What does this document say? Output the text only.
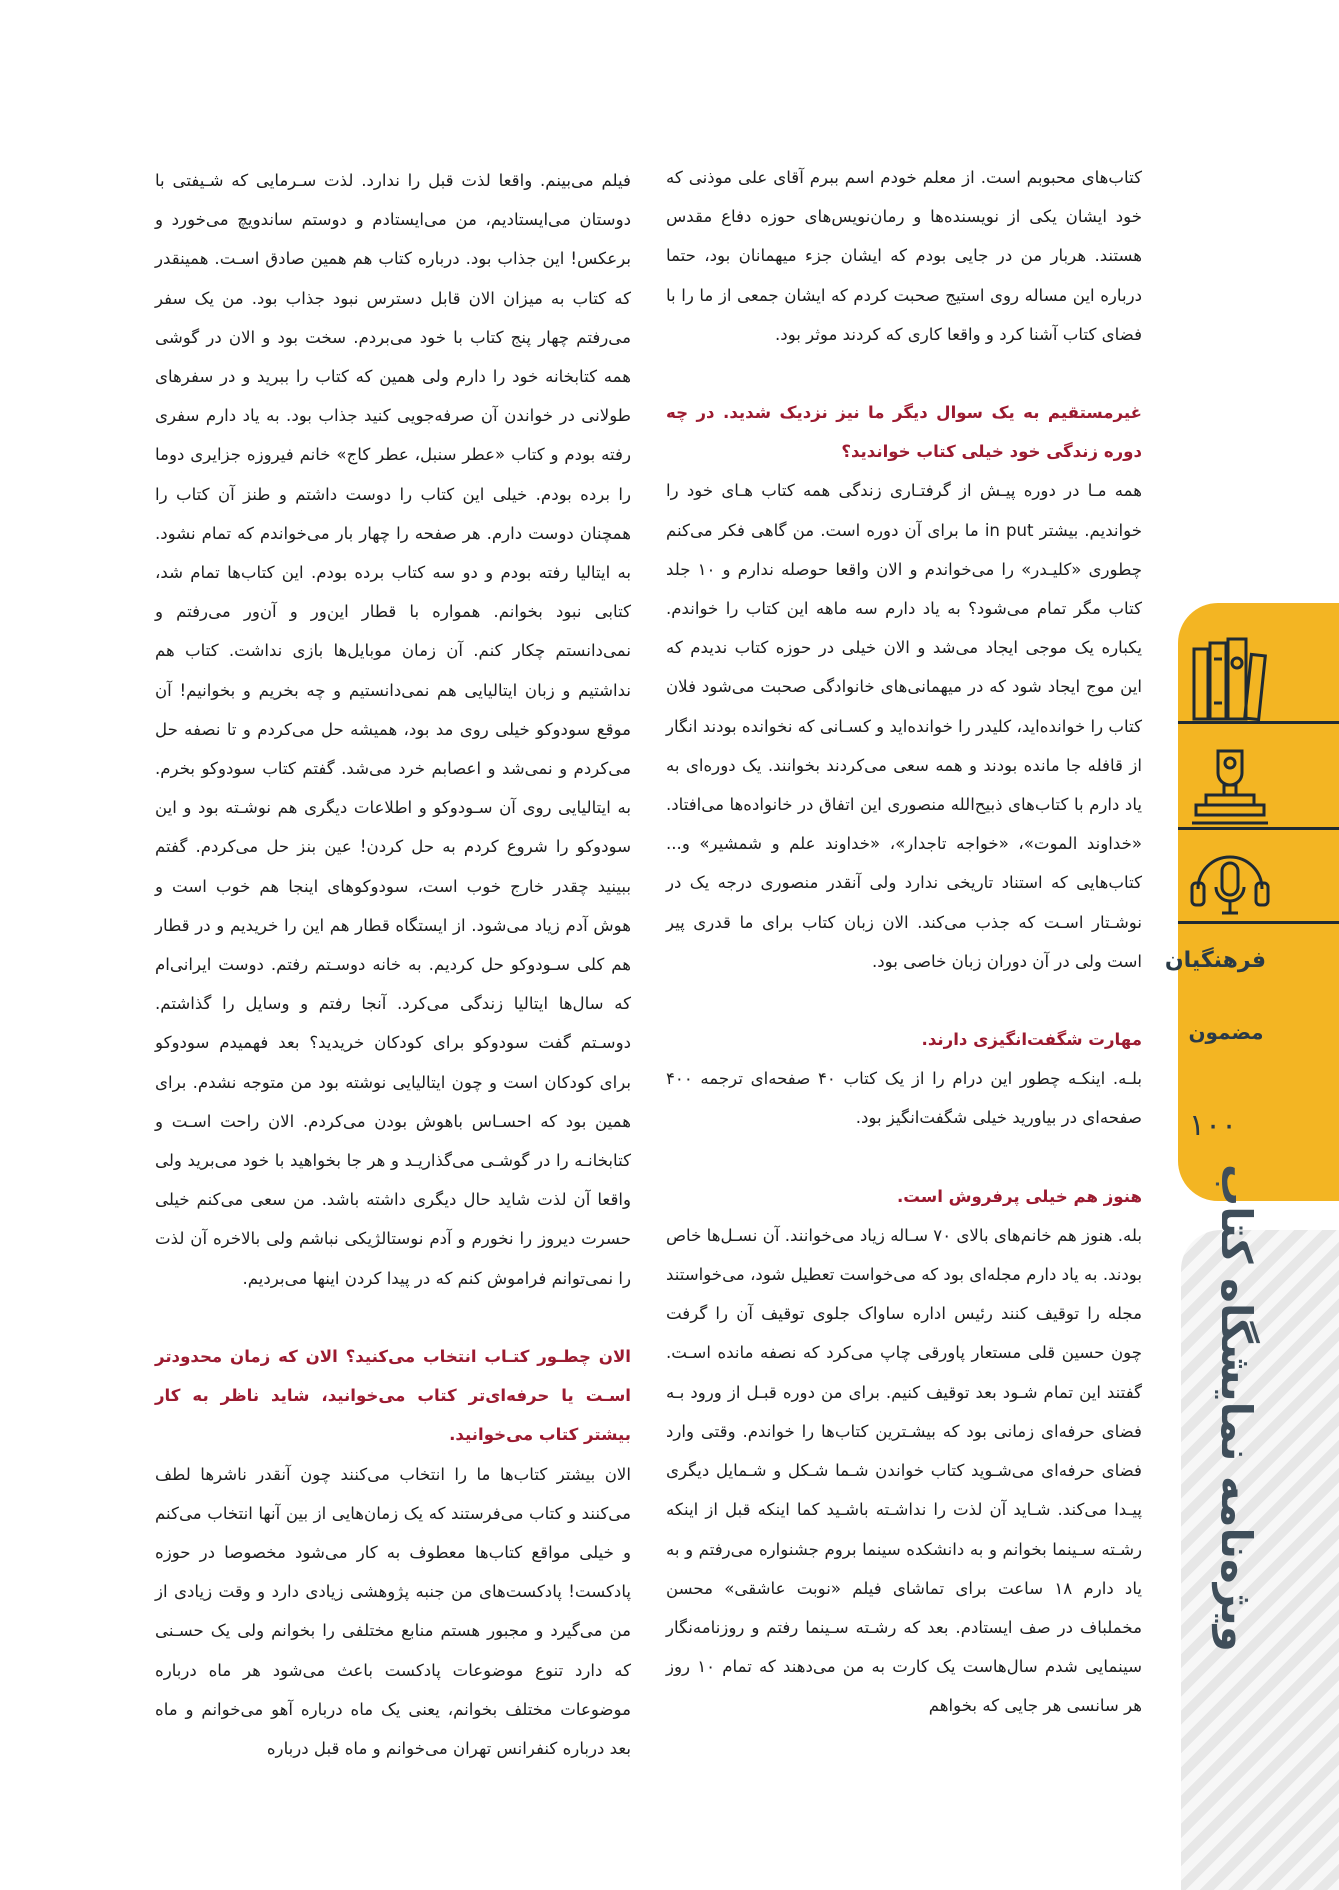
کتاب‌های محبوبم است. از معلم خودم اسم ببرم آقای علی موذنی که خود ایشان یکی از نویسنده‌ها و رمان‌نویس‌های حوزه دفاع مقدس هستند. هربار من در جایی بودم که ایشان جزء میهمانان بود، حتما درباره این مساله روی استیج صحبت کردم که ایشان جمعی از ما را با فضای کتاب آشنا کرد و واقعا کاری که کردند موثر بود.

غیرمستقیم به یک سوال دیگر ما نیز نزدیک شدید. در چه دوره زندگی خود خیلی کتاب خواندید؟

همه مـا در دوره پیـش از گرفتـاری زندگی همه کتاب هـای خود را خواندیم. بیشتر in put ما برای آن دوره است. من گاهی فکر می‌کنم چطوری «کلیـدر» را می‌خواندم و الان واقعا حوصله ندارم و ۱۰ جلد کتاب مگر تمام می‌شود؟ به یاد دارم سه ماهه این کتاب را خواندم. یکباره یک موجی ایجاد می‌شد و الان خیلی در حوزه کتاب ندیدم که این موج ایجاد شود که در میهمانی‌های خانوادگی صحبت می‌شود فلان کتاب را خوانده‌اید، کلیدر را خوانده‌اید و کسـانی که نخوانده بودند انگار از قافله جا مانده بودند و همه سعی می‌کردند بخوانند. یک دوره‌ای به یاد دارم با کتاب‌های ذبیح‌الله منصوری این اتفاق در خانواده‌ها می‌افتاد. «خداوند الموت»، «خواجه تاجدار»، «خداوند علم و شمشیر» و... کتاب‌هایی که استناد تاریخی ندارد ولی آنقدر منصوری درجه یک در نوشـتار اسـت که جذب می‌کند. الان زبان کتاب برای ما قدری پیر است ولی در آن دوران زبان خاصی بود.

مهارت شگفت‌انگیزی دارند.

بلـه. اینکـه چطور این درام را از یک کتاب ۴۰ صفحه‌ای ترجمه ۴۰۰ صفحه‌ای در بیاورید خیلی شگفت‌انگیز بود.

هنوز هم خیلی پرفروش است.

بله. هنوز هم خانم‌های بالای ۷۰ سـاله زیاد می‌خوانند. آن نسـل‌ها خاص بودند. به یاد دارم مجله‌ای بود که می‌خواست تعطیل شود، می‌خواستند مجله را توقیف کنند رئیس اداره ساواک جلوی توقیف آن را گرفت چون حسین قلی مستعار پاورقی چاپ می‌کرد که نصفه مانده اسـت. گفتند این تمام شـود بعد توقیف کنیم. برای من دوره قبـل از ورود بـه فضای حرفه‌ای زمانی بود که بیشـترین کتاب‌ها را خواندم. وقتی وارد فضای حرفه‌ای می‌شـوید کتاب خواندن شـما شـکل و شـمایل دیگری پیـدا می‌کند. شـاید آن لذت را نداشـته باشـید کما اینکه قبل از اینکه رشـته سـینما بخوانم و به دانشکده سینما بروم جشنواره می‌رفتم و به یاد دارم ۱۸ ساعت برای تماشای فیلم «نوبت عاشقی» محسن مخملباف در صف ایستادم. بعد که رشـته سـینما رفتم و روزنامه‌نگار سینمایی شدم سال‌هاست یک کارت به من می‌دهند که تمام ۱۰ روز هر سانسی هر جایی که بخواهم

فیلم می‌بینم. واقعا لذت قبل را ندارد. لذت سـرمایی که شـیفتی با دوستان می‌ایستادیم، من می‌ایستادم و دوستم ساندویچ می‌خورد و برعکس! این جذاب بود. درباره کتاب هم همین صادق اسـت. همینقدر که کتاب به میزان الان قابل دسترس نبود جذاب بود. من یک سفر می‌رفتم چهار پنج کتاب با خود می‌بردم. سخت بود و الان در گوشی همه کتابخانه خود را دارم ولی همین که کتاب را ببرید و در سفرهای طولانی در خواندن آن صرفه‌جویی کنید جذاب بود. به یاد دارم سفری رفته بودم و کتاب «عطر سنبل، عطر کاج» خانم فیروزه جزایری دوما را برده بودم. خیلی این کتاب را دوست داشتم و طنز آن کتاب را همچنان دوست دارم. هر صفحه را چهار بار می‌خواندم که تمام نشود. به ایتالیا رفته بودم و دو سه کتاب برده بودم. این کتاب‌ها تمام شد، کتابی نبود بخوانم. همواره با قطار این‌ور و آن‌ور می‌رفتم و نمی‌دانستم چکار کنم. آن زمان موبایل‌ها بازی نداشت. کتاب هم نداشتیم و زبان ایتالیایی هم نمی‌دانستیم و چه بخریم و بخوانیم! آن موقع سودوکو خیلی روی مد بود، همیشه حل می‌کردم و تا نصفه حل می‌کردم و نمی‌شد و اعصابم خرد می‌شد. گفتم کتاب سودوکو بخرم. به ایتالیایی روی آن سـودوکو و اطلاعات دیگری هم نوشـته بود و این سودوکو را شروع کردم به حل کردن! عین بنز حل می‌کردم. گفتم ببینید چقدر خارج خوب است، سودوکوهای اینجا هم خوب است و هوش آدم زیاد می‌شود. از ایستگاه قطار هم این را خریدیم و در قطار هم کلی سـودوکو حل کردیم. به خانه دوسـتم رفتم. دوست ایرانی‌ام که سال‌ها ایتالیا زندگی می‌کرد. آنجا رفتم و وسایل را گذاشتم. دوسـتم گفت سودوکو برای کودکان خریدید؟ بعد فهمیدم سودوکو برای کودکان است و چون ایتالیایی نوشته بود من متوجه نشدم. برای همین بود که احسـاس باهوش بودن می‌کردم. الان راحت اسـت و کتابخانـه را در گوشـی می‌گذاریـد و هر جا بخواهید با خود می‌برید ولی واقعا آن لذت شاید حال دیگری داشته باشد. من سعی می‌کنم خیلی حسرت دیروز را نخورم و آدم نوستالژیکی نباشم ولی بالاخره آن لذت را نمی‌توانم فراموش کنم که در پیدا کردن اینها می‌بردیم.

الان چطـور کتـاب انتخاب می‌کنید؟ الان که زمان محدودتر اسـت یا حرفه‌ای‌تر کتاب می‌خوانید، شاید ناظر به کار بیشتر کتاب می‌خوانید.

الان بیشتر کتاب‌ها ما را انتخاب می‌کنند چون آنقدر ناشرها لطف می‌کنند و کتاب می‌فرستند که یک زمان‌هایی از بین آنها انتخاب می‌کنم و خیلی مواقع کتاب‌ها معطوف به کار می‌شود مخصوصا در حوزه پادکست! پادکست‌های من جنبه پژوهشی زیادی دارد و وقت زیادی از من می‌گیرد و مجبور هستم منابع مختلفی را بخوانم ولی یک حسـنی که دارد تنوع موضوعات پادکست باعث می‌شود هر ماه درباره موضوعات مختلف بخوانم، یعنی یک ماه درباره آهو می‌خوانم و ماه بعد درباره کنفرانس تهران می‌خوانم و ماه قبل درباره

فرهنگیان
مضمون
۱۰۰
ویژه‌نامه نمایشگاه کتاب
